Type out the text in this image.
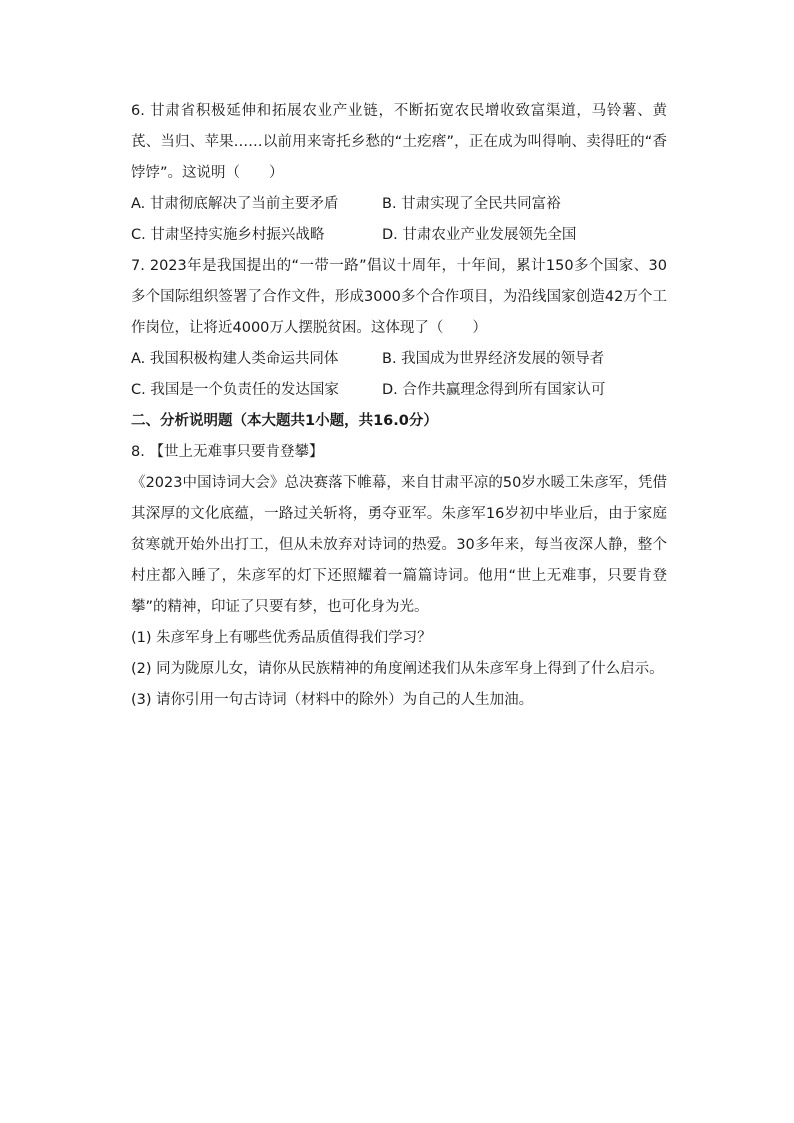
6. 甘肃省积极延伸和拓展农业产业链，不断拓宽农民增收致富渠道，马铃薯、黄芪、当归、苹果……以前用来寄托乡愁的“土疙瘩”，正在成为叫得响、卖得旺的“香饽饽”。这说明（　　）

A. 甘肃彻底解决了当前主要矛盾	B. 甘肃实现了全民共同富裕
C. 甘肃坚持实施乡村振兴战略	D. 甘肃农业产业发展领先全国

7. 2023年是我国提出的“一带一路”倡议十周年，十年间，累计150多个国家、30多个国际组织签署了合作文件，形成3000多个合作项目，为沿线国家创造42万个工作岗位，让将近4000万人摆脱贫困。这体现了（　　）

A. 我国积极构建人类命运共同体	B. 我国成为世界经济发展的领导者
C. 我国是一个负责任的发达国家	D. 合作共赢理念得到所有国家认可

二、分析说明题（本大题共1小题，共16.0分）

8. 【世上无难事只要肯登攀】

《2023中国诗词大会》总决赛落下帷幕，来自甘肃平凉的50岁水暖工朱彦军，凭借其深厚的文化底蕴，一路过关斩将，勇夺亚军。朱彦军16岁初中毕业后，由于家庭贫寒就开始外出打工，但从未放弃对诗词的热爱。30多年来，每当夜深人静，整个村庄都入睡了，朱彦军的灯下还照耀着一篇篇诗词。他用“世上无难事，只要肯登攀”的精神，印证了只要有梦，也可化身为光。

(1) 朱彦军身上有哪些优秀品质值得我们学习？

(2) 同为陇原儿女，请你从民族精神的角度阐述我们从朱彦军身上得到了什么启示。

(3) 请你引用一句古诗词（材料中的除外）为自己的人生加油。
